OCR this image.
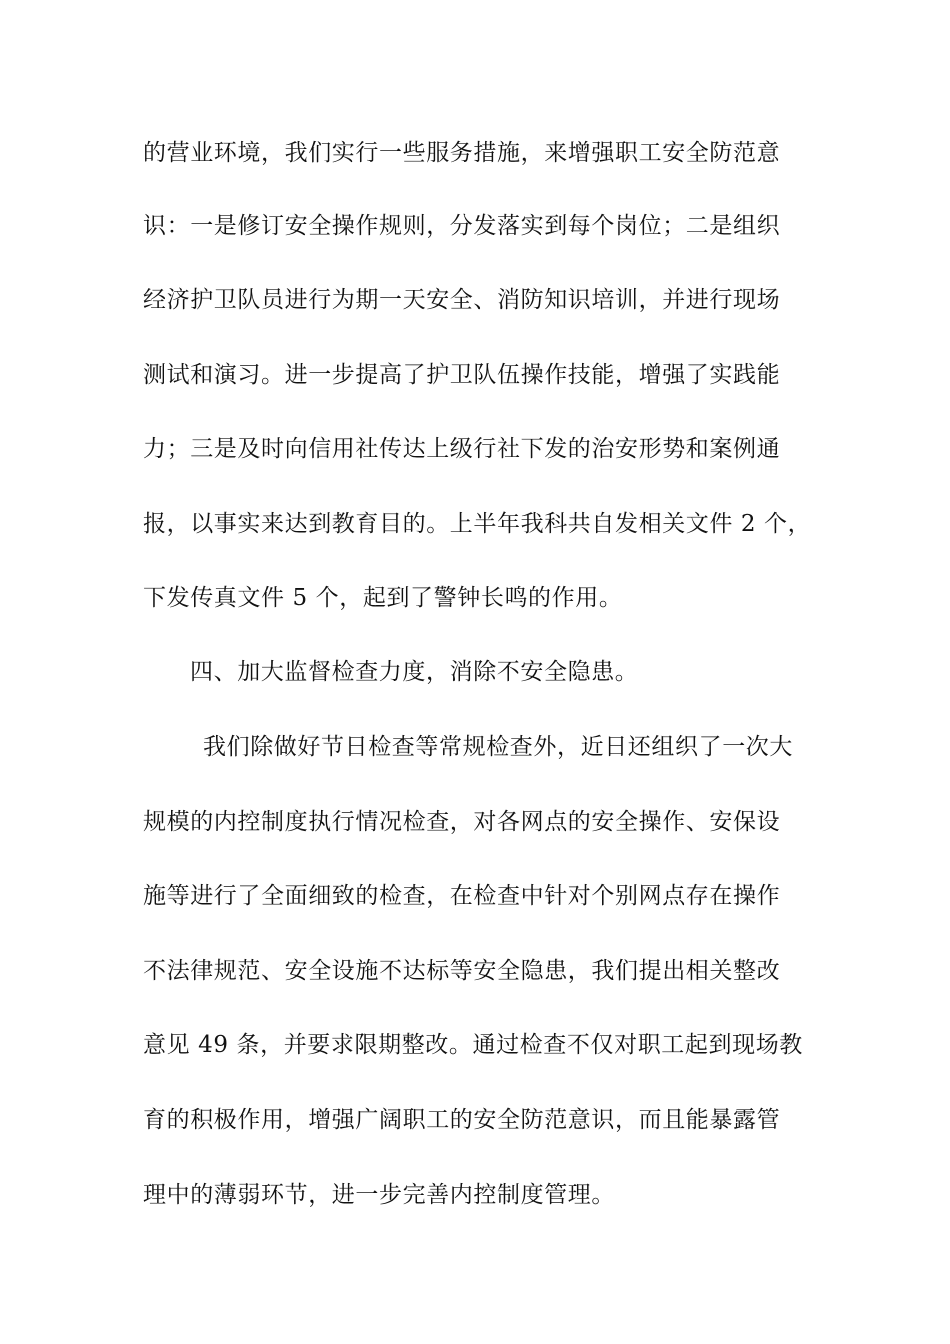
的营业环境，我们实行一些服务措施，来增强职工安全防范意
识：一是修订安全操作规则，分发落实到每个岗位；二是组织
经济护卫队员进行为期一天安全、消防知识培训，并进行现场
测试和演习。进一步提高了护卫队伍操作技能，增强了实践能
力；三是及时向信用社传达上级行社下发的治安形势和案例通
报，以事实来达到教育目的。上半年我科共自发相关文件 2 个，
下发传真文件 5 个，起到了警钟长鸣的作用。
四、加大监督检查力度，消除不安全隐患。
我们除做好节日检查等常规检查外，近日还组织了一次大
规模的内控制度执行情况检查，对各网点的安全操作、安保设
施等进行了全面细致的检查，在检查中针对个别网点存在操作
不法律规范、安全设施不达标等安全隐患，我们提出相关整改
意见 49 条，并要求限期整改。通过检查不仅对职工起到现场教
育的积极作用，增强广阔职工的安全防范意识，而且能暴露管
理中的薄弱环节，进一步完善内控制度管理。
